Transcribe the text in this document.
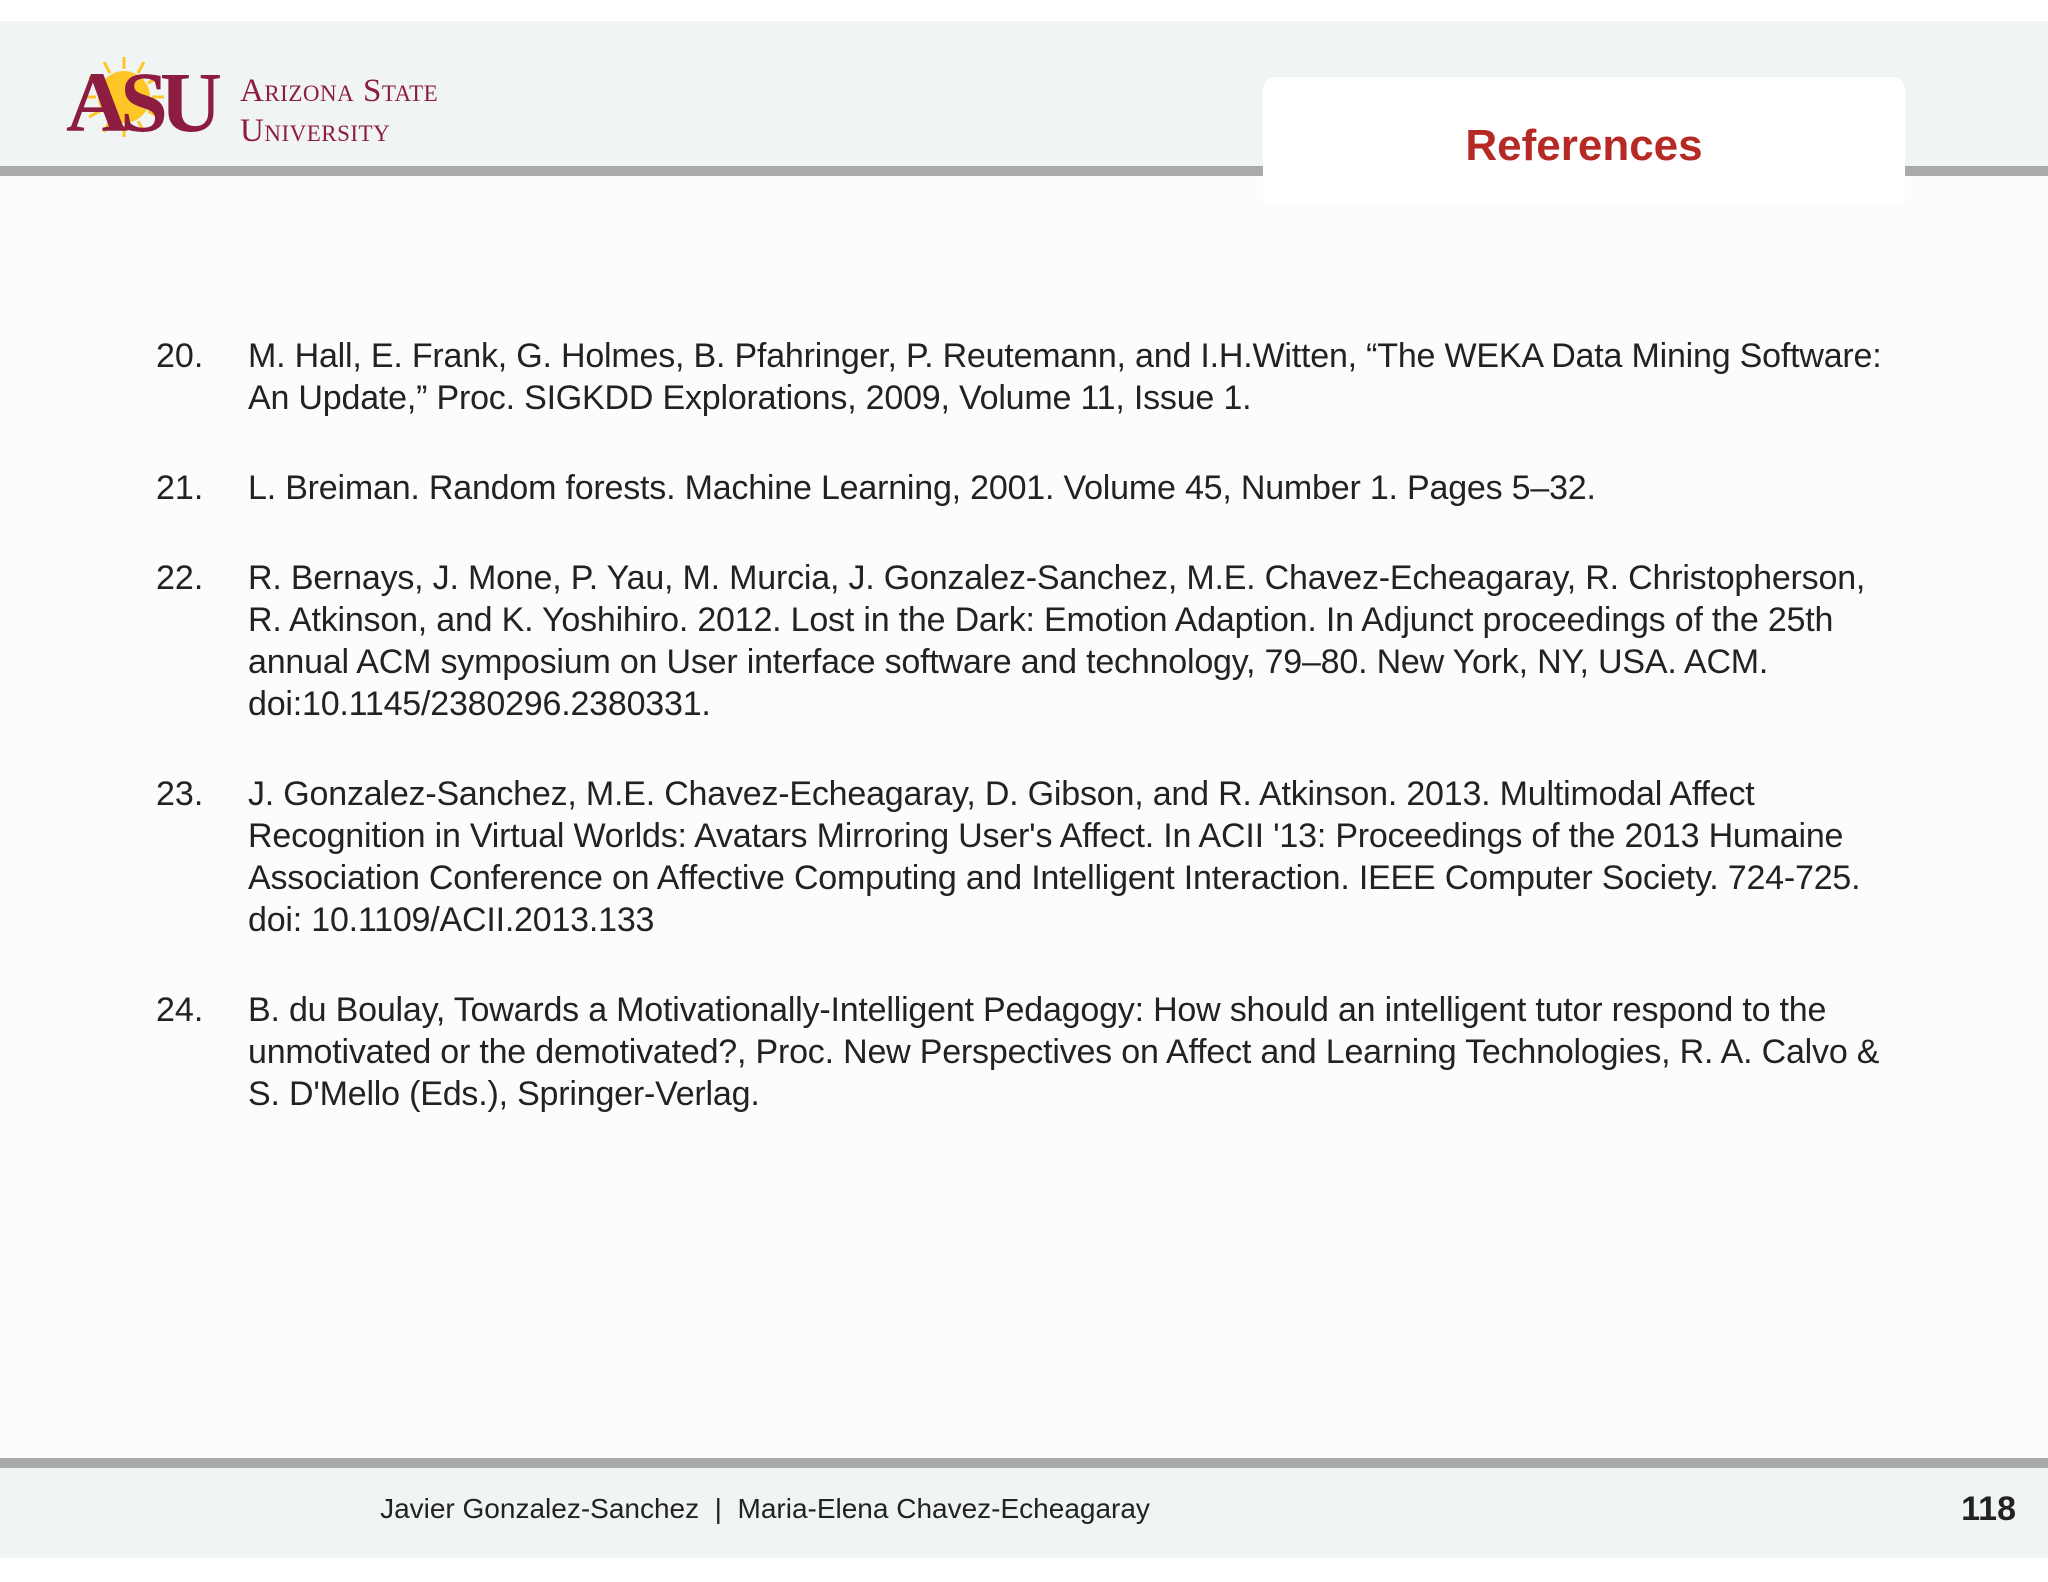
References
ASU Arizona State
University
20.	M. Hall, E. Frank, G. Holmes, B. Pfahringer, P. Reutemann, and I.H.Witten, “The WEKA Data Mining Software: An Update,” Proc. SIGKDD Explorations, 2009, Volume 11, Issue 1.
21.	L. Breiman. Random forests. Machine Learning, 2001. Volume 45, Number 1. Pages 5–32.
22.	R. Bernays, J. Mone, P. Yau, M. Murcia, J. Gonzalez-Sanchez, M.E. Chavez-Echeagaray, R. Christopherson, R. Atkinson, and K. Yoshihiro. 2012. Lost in the Dark: Emotion Adaption. In Adjunct proceedings of the 25th annual ACM symposium on User interface software and technology, 79–80. New York, NY, USA. ACM. doi:10.1145/2380296.2380331.
23.	J. Gonzalez-Sanchez, M.E. Chavez-Echeagaray, D. Gibson, and R. Atkinson. 2013. Multimodal Affect Recognition in Virtual Worlds: Avatars Mirroring User's Affect. In ACII '13: Proceedings of the 2013 Humaine Association Conference on Affective Computing and Intelligent Interaction. IEEE Computer Society. 724-725. doi: 10.1109/ACII.2013.133
24.	B. du Boulay, Towards a Motivationally-Intelligent Pedagogy: How should an intelligent tutor respond to the unmotivated or the demotivated?, Proc. New Perspectives on Affect and Learning Technologies, R. A. Calvo & S. D'Mello (Eds.), Springer-Verlag.
Javier Gonzalez-Sanchez  |  Maria-Elena Chavez-Echeagaray	118
